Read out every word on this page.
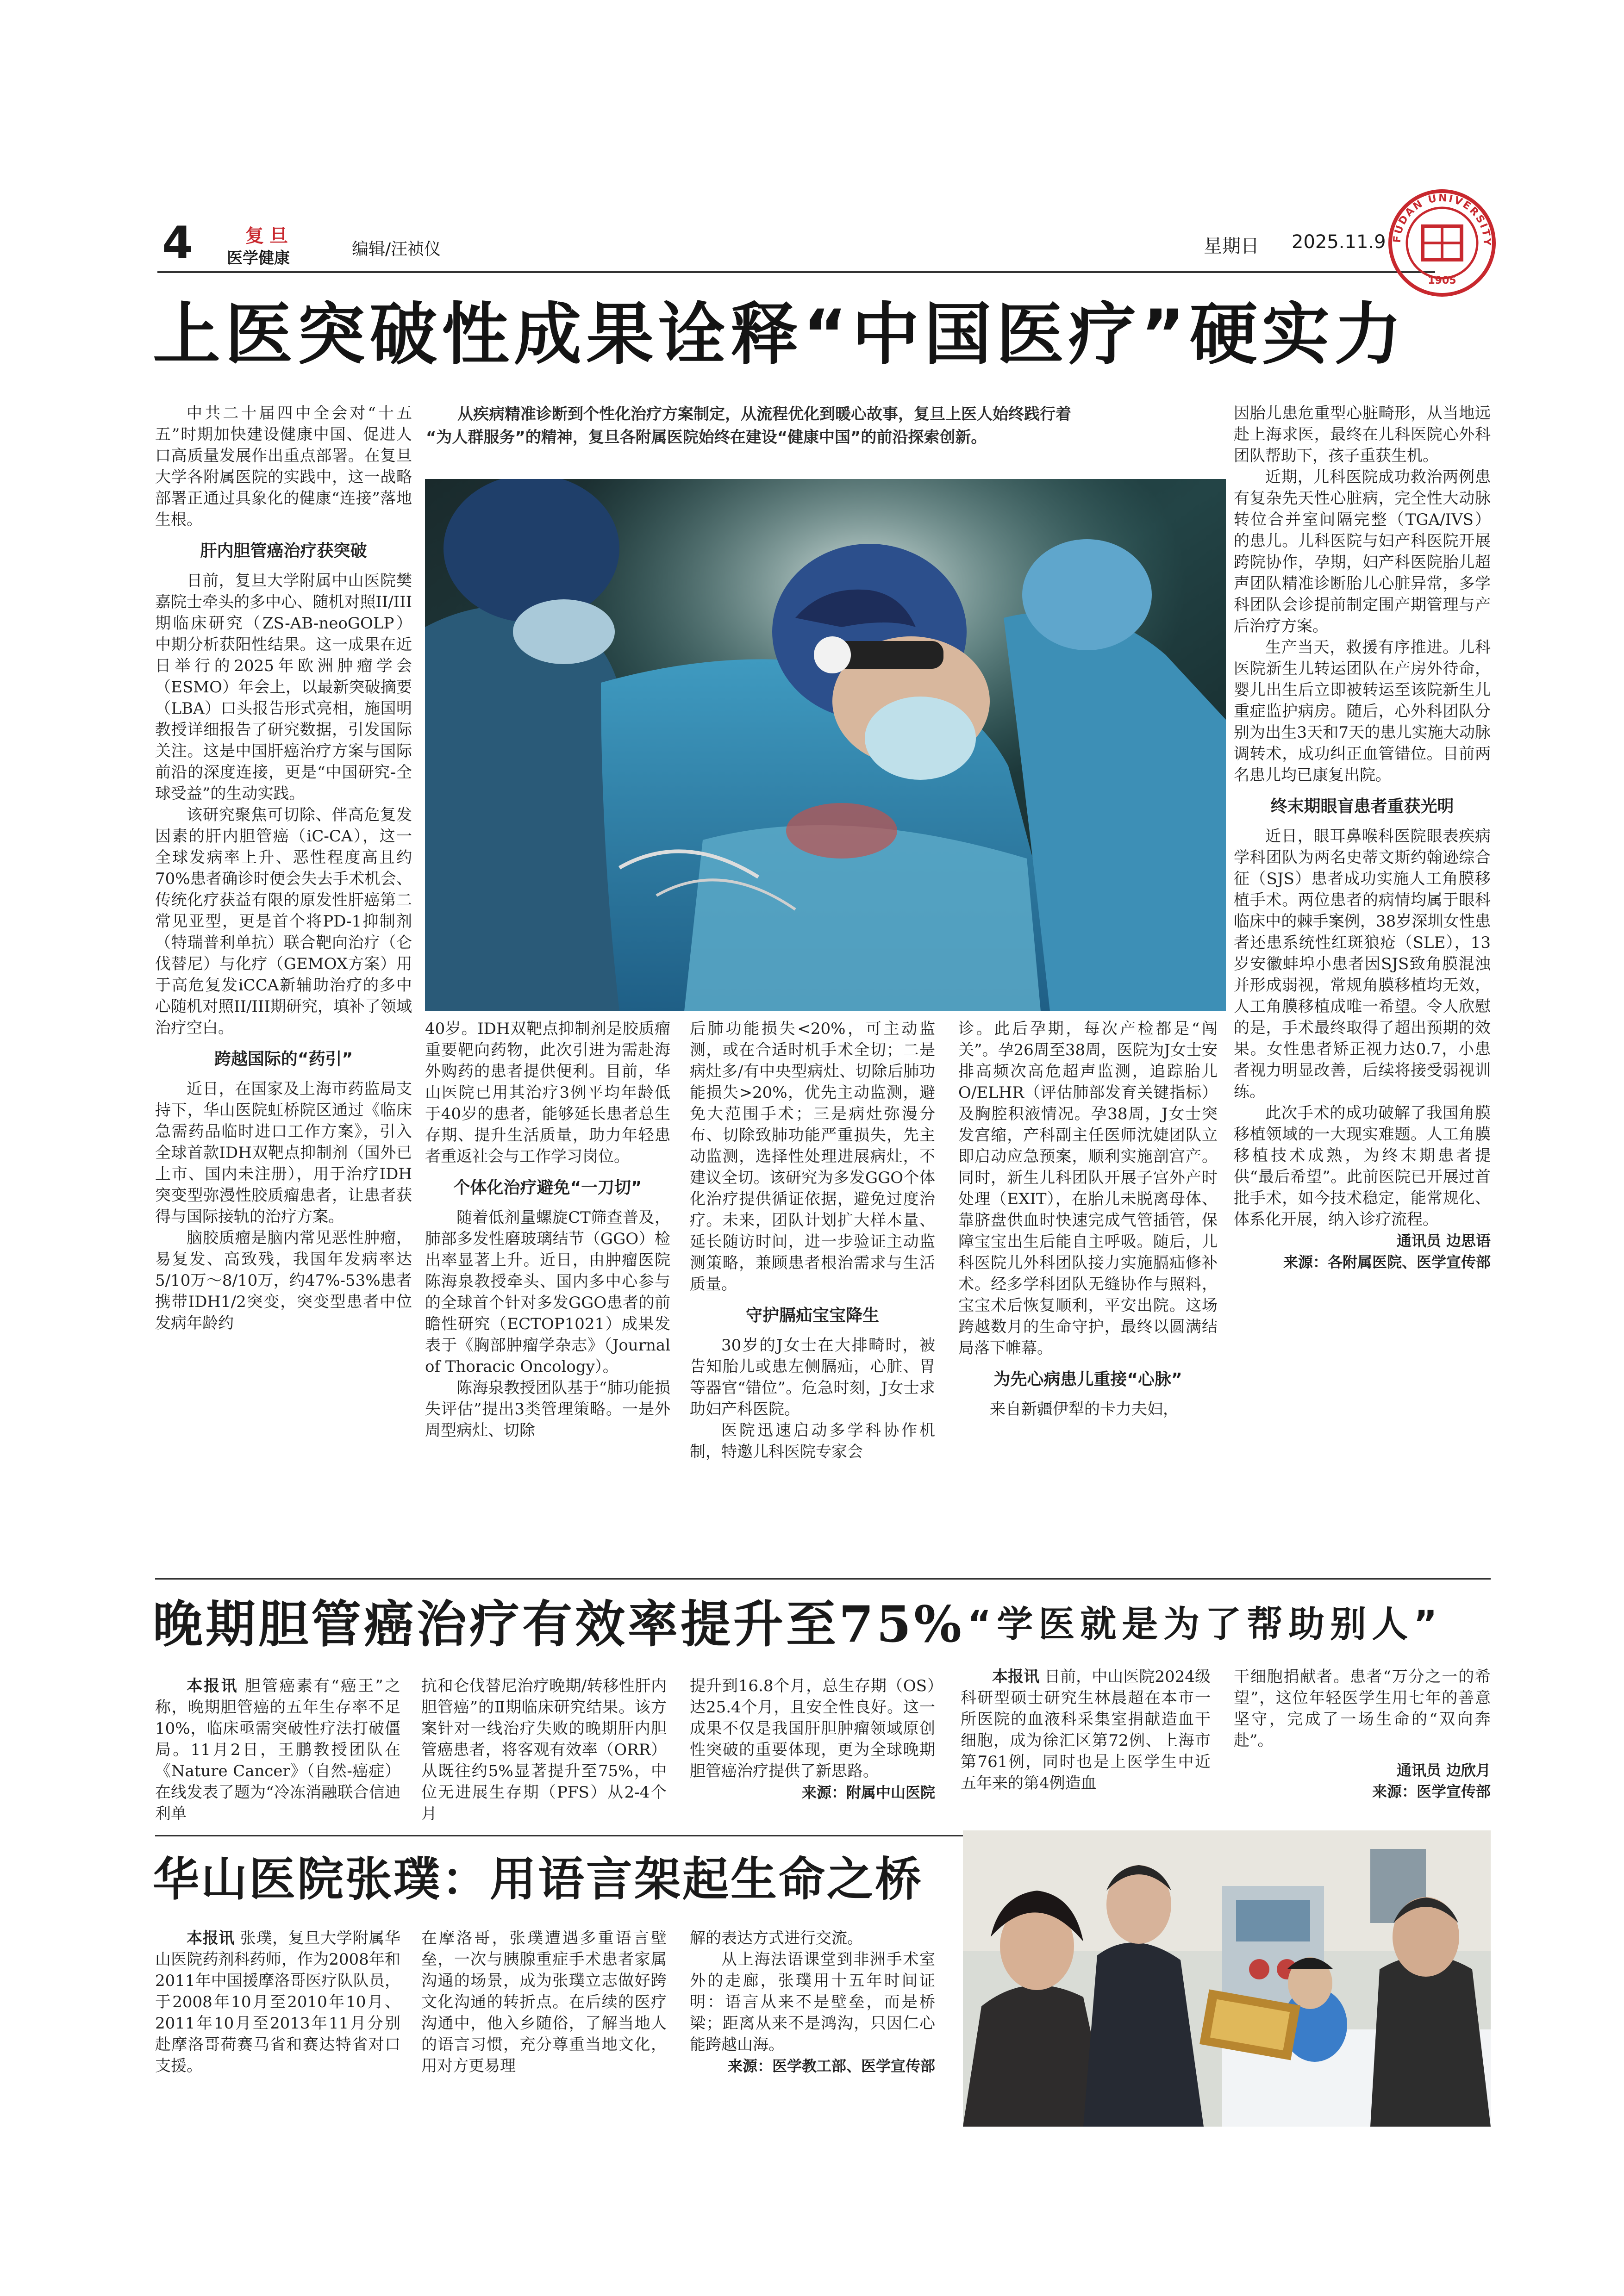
4	复旦
医学健康	编辑/汪祯仪	星期日 2025.11.9 FUDAN UNIVERSITY
1905
上医突破性成果诠释“中国医疗”硬实力
从疾病精准诊断到个性化治疗方案制定，从流程优化到暖心故事，复旦上医人始终践行着
“为人群服务”的精神，复旦各附属医院始终在建设“健康中国”的前沿探索创新。

中共二十届四中全会对“十五五”时期加快建设健康中国、促进人口高质量发展作出重点部署。在复旦大学各附属医院的实践中，这一战略部署正通过具象化的健康“连接”落地生根。

肝内胆管癌治疗获突破

日前，复旦大学附属中山医院樊嘉院士牵头的多中心、随机对照II/III期临床研究（ZS-AB-neoGOLP）中期分析获阳性结果。这一成果在近日举行的2025年欧洲肿瘤学会（ESMO）年会上，以最新突破摘要（LBA）口头报告形式亮相，施国明教授详细报告了研究数据，引发国际关注。这是中国肝癌治疗方案与国际前沿的深度连接，更是“中国研究-全球受益”的生动实践。

该研究聚焦可切除、伴高危复发因素的肝内胆管癌（iC-CA），这一全球发病率上升、恶性程度高且约70%患者确诊时便会失去手术机会、传统化疗获益有限的原发性肝癌第二常见亚型，更是首个将PD-1抑制剂（特瑞普利单抗）联合靶向治疗（仑伐替尼）与化疗（GEMOX方案）用于高危复发iCCA新辅助治疗的多中心随机对照II/III期研究，填补了领域治疗空白。

跨越国际的“药引”

近日，在国家及上海市药监局支持下，华山医院虹桥院区通过《临床急需药品临时进口工作方案》，引入全球首款IDH双靶点抑制剂（国外已上市、国内未注册），用于治疗IDH突变型弥漫性胶质瘤患者，让患者获得与国际接轨的治疗方案。

脑胶质瘤是脑内常见恶性肿瘤，易复发、高致残，我国年发病率达5/10万～8/10万，约47%-53%患者携带IDH1/2突变，突变型患者中位发病年龄约

40岁。IDH双靶点抑制剂是胶质瘤重要靶向药物，此次引进为需赴海外购药的患者提供便利。目前，华山医院已用其治疗3例平均年龄低于40岁的患者，能够延长患者总生存期、提升生活质量，助力年轻患者重返社会与工作学习岗位。

个体化治疗避免“一刀切”

随着低剂量螺旋CT筛查普及，肺部多发性磨玻璃结节（GGO）检出率显著上升。近日，由肿瘤医院陈海泉教授牵头、国内多中心参与的全球首个针对多发GGO患者的前瞻性研究（ECTOP1021）成果发表于《胸部肿瘤学杂志》（Journal of Thoracic Oncology）。

陈海泉教授团队基于“肺功能损失评估”提出3类管理策略。一是外周型病灶、切除

后肺功能损失<20%，可主动监测，或在合适时机手术全切；二是病灶多/有中央型病灶、切除后肺功能损失>20%，优先主动监测，避免大范围手术；三是病灶弥漫分布、切除致肺功能严重损失，先主动监测，选择性处理进展病灶，不建议全切。该研究为多发GGO个体化治疗提供循证依据，避免过度治疗。未来，团队计划扩大样本量、延长随访时间，进一步验证主动监测策略，兼顾患者根治需求与生活质量。

守护膈疝宝宝降生

30岁的J女士在大排畸时，被告知胎儿或患左侧膈疝，心脏、胃等器官“错位”。危急时刻，J女士求助妇产科医院。

医院迅速启动多学科协作机制，特邀儿科医院专家会

诊。此后孕期，每次产检都是“闯关”。孕26周至38周，医院为J女士安排高频次高危超声监测，追踪胎儿O/ELHR（评估肺部发育关键指标）及胸腔积液情况。孕38周，J女士突发宫缩，产科副主任医师沈婕团队立即启动应急预案，顺利实施剖宫产。同时，新生儿科团队开展子宫外产时处理（EXIT），在胎儿未脱离母体、靠脐盘供血时快速完成气管插管，保障宝宝出生后能自主呼吸。随后，儿科医院儿外科团队接力实施膈疝修补术。经多学科团队无缝协作与照料，宝宝术后恢复顺利，平安出院。这场跨越数月的生命守护，最终以圆满结局落下帷幕。

为先心病患儿重接“心脉”

来自新疆伊犁的卡力夫妇，

因胎儿患危重型心脏畸形，从当地远赴上海求医，最终在儿科医院心外科团队帮助下，孩子重获生机。

近期，儿科医院成功救治两例患有复杂先天性心脏病，完全性大动脉转位合并室间隔完整（TGA/IVS）的患儿。儿科医院与妇产科医院开展跨院协作，孕期，妇产科医院胎儿超声团队精准诊断胎儿心脏异常，多学科团队会诊提前制定围产期管理与产后治疗方案。

生产当天，救援有序推进。儿科医院新生儿转运团队在产房外待命，婴儿出生后立即被转运至该院新生儿重症监护病房。随后，心外科团队分别为出生3天和7天的患儿实施大动脉调转术，成功纠正血管错位。目前两名患儿均已康复出院。

终末期眼盲患者重获光明

近日，眼耳鼻喉科医院眼表疾病学科团队为两名史蒂文斯约翰逊综合征（SJS）患者成功实施人工角膜移植手术。两位患者的病情均属于眼科临床中的棘手案例，38岁深圳女性患者还患系统性红斑狼疮（SLE），13岁安徽蚌埠小患者因SJS致角膜混浊并形成弱视，常规角膜移植均无效，人工角膜移植成唯一希望。令人欣慰的是，手术最终取得了超出预期的效果。女性患者矫正视力达0.7，小患者视力明显改善，后续将接受弱视训练。

此次手术的成功破解了我国角膜移植领域的一大现实难题。人工角膜移植技术成熟，为终末期患者提供“最后希望”。此前医院已开展过首批手术，如今技术稳定，能常规化、体系化开展，纳入诊疗流程。

通讯员 边思语
来源：各附属医院、医学宣传部
晚期胆管癌治疗有效率提升至75%

本报讯 胆管癌素有“癌王”之称，晚期胆管癌的五年生存率不足10%，临床亟需突破性疗法打破僵局。11月2日，王鹏教授团队在《Nature Cancer》（自然-癌症）在线发表了题为“冷冻消融联合信迪利单

抗和仑伐替尼治疗晚期/转移性肝内胆管癌”的Ⅱ期临床研究结果。该方案针对一线治疗失败的晚期肝内胆管癌患者，将客观有效率（ORR）从既往约5%显著提升至75%，中位无进展生存期（PFS）从2-4个月

提升到16.8个月，总生存期（OS）达25.4个月，且安全性良好。这一成果不仅是我国肝胆肿瘤领域原创性突破的重要体现，更为全球晚期胆管癌治疗提供了新思路。

来源：附属中山医院
华山医院张璞：用语言架起生命之桥

本报讯 张璞，复旦大学附属华山医院药剂科药师，作为2008年和2011年中国援摩洛哥医疗队队员，于2008年10月至2010年10月、2011年10月至2013年11月分别赴摩洛哥荷赛马省和赛达特省对口支援。

在摩洛哥，张璞遭遇多重语言壁垒，一次与胰腺重症手术患者家属沟通的场景，成为张璞立志做好跨文化沟通的转折点。在后续的医疗沟通中，他入乡随俗，了解当地人的语言习惯，充分尊重当地文化，用对方更易理

解的表达方式进行交流。

从上海法语课堂到非洲手术室外的走廊，张璞用十五年时间证明：语言从来不是壁垒，而是桥梁；距离从来不是鸿沟，只因仁心能跨越山海。

来源：医学教工部、医学宣传部
“学医就是为了帮助别人”

本报讯 日前，中山医院2024级科研型硕士研究生林晨超在本市一所医院的血液科采集室捐献造血干细胞，成为徐汇区第72例、上海市第761例，同时也是上医学生中近五年来的第4例造血

干细胞捐献者。患者“万分之一的希望”，这位年轻医学生用七年的善意坚守，完成了一场生命的“双向奔赴”。

通讯员 边欣月
来源：医学宣传部
